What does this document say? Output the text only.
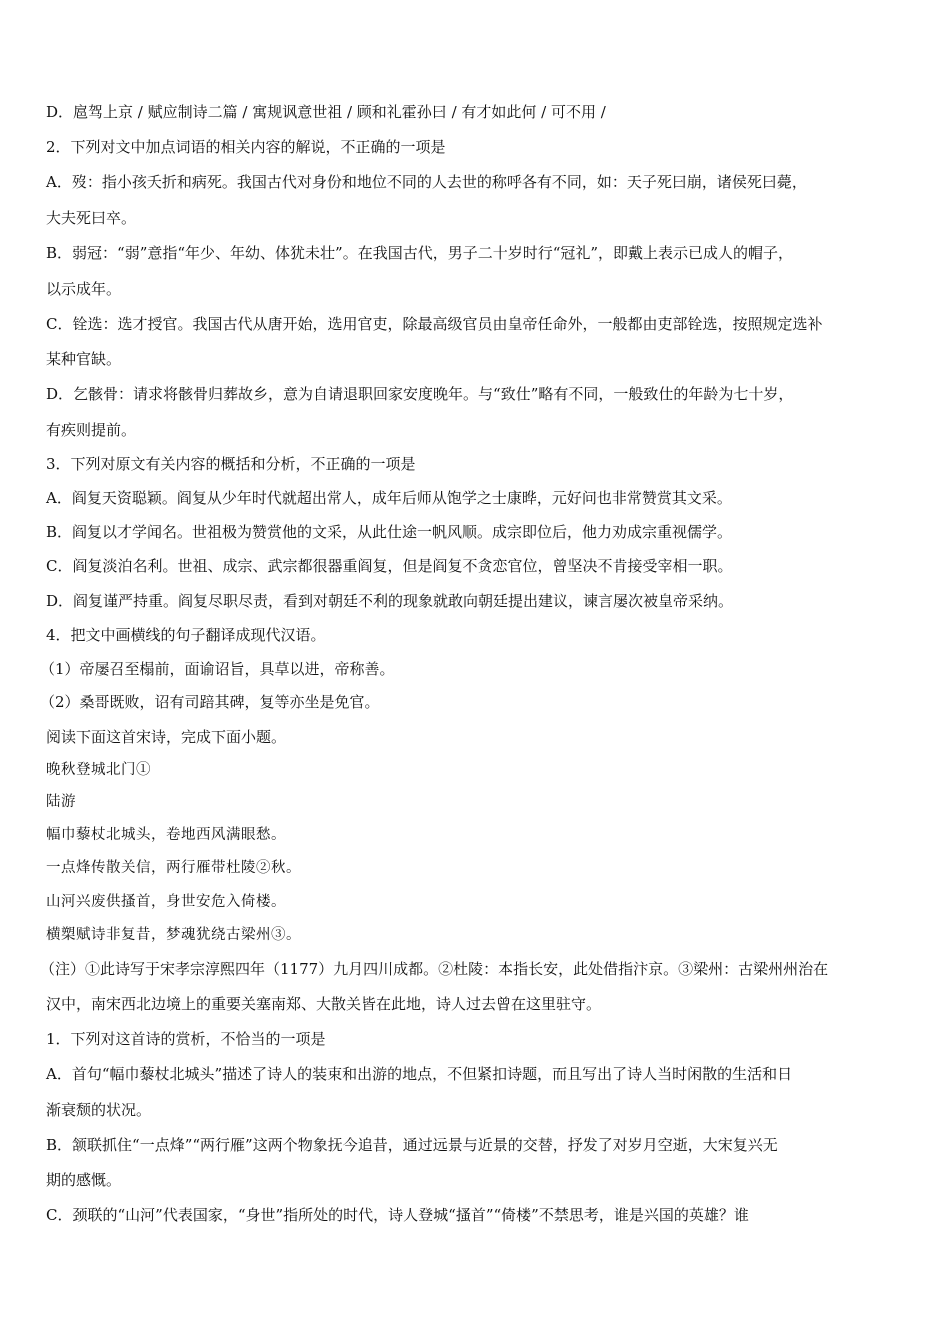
D．扈驾上京 / 赋应制诗二篇 / 寓规讽意世祖 / 顾和礼霍孙曰 / 有才如此何 / 可不用 /
2．下列对文中加点词语的相关内容的解说，不正确的一项是
A．歿：指小孩夭折和病死。我国古代对身份和地位不同的人去世的称呼各有不同，如：天子死曰崩，诸侯死曰薨，
大夫死曰卒。
B．弱冠：“弱”意指“年少、年幼、体犹未壮”。在我国古代，男子二十岁时行“冠礼”，即戴上表示已成人的帽子，
以示成年。
C．铨选：选才授官。我国古代从唐开始，选用官吏，除最高级官员由皇帝任命外，一般都由吏部铨选，按照规定选补
某种官缺。
D．乞骸骨：请求将骸骨归葬故乡，意为自请退职回家安度晚年。与“致仕”略有不同，一般致仕的年龄为七十岁，
有疾则提前。
3．下列对原文有关内容的概括和分析，不正确的一项是
A．阎复天资聪颖。阎复从少年时代就超出常人，成年后师从饱学之士康晔，元好问也非常赞赏其文采。
B．阎复以才学闻名。世祖极为赞赏他的文采，从此仕途一帆风顺。成宗即位后，他力劝成宗重视儒学。
C．阎复淡泊名利。世祖、成宗、武宗都很器重阎复，但是阎复不贪恋官位，曾坚决不肯接受宰相一职。
D．阎复谨严持重。阎复尽职尽责，看到对朝廷不利的现象就敢向朝廷提出建议，谏言屡次被皇帝采纳。
4．把文中画横线的句子翻译成现代汉语。
（1）帝屡召至榻前，面谕诏旨，具草以进，帝称善。
（2）桑哥既败，诏有司踣其碑，复等亦坐是免官。
阅读下面这首宋诗，完成下面小题。
晚秋登城北门①
陆游
幅巾藜杖北城头，卷地西风满眼愁。
一点烽传散关信，两行雁带杜陵②秋。
山河兴废供搔首，身世安危入倚楼。
横槊赋诗非复昔，梦魂犹绕古梁州③。
（注）①此诗写于宋孝宗淳熙四年（1177）九月四川成都。②杜陵：本指长安，此处借指汴京。③梁州：古梁州州治在
汉中，南宋西北边境上的重要关塞南郑、大散关皆在此地，诗人过去曾在这里驻守。
1．下列对这首诗的赏析，不恰当的一项是
A．首句“幅巾藜杖北城头”描述了诗人的装束和出游的地点，不但紧扣诗题，而且写出了诗人当时闲散的生活和日
渐衰颓的状况。
B．颔联抓住“一点烽”“两行雁”这两个物象抚今追昔，通过远景与近景的交替，抒发了对岁月空逝，大宋复兴无
期的感慨。
C．颈联的“山河”代表国家，“身世”指所处的时代，诗人登城“搔首”“倚楼”不禁思考，谁是兴国的英雄？谁
